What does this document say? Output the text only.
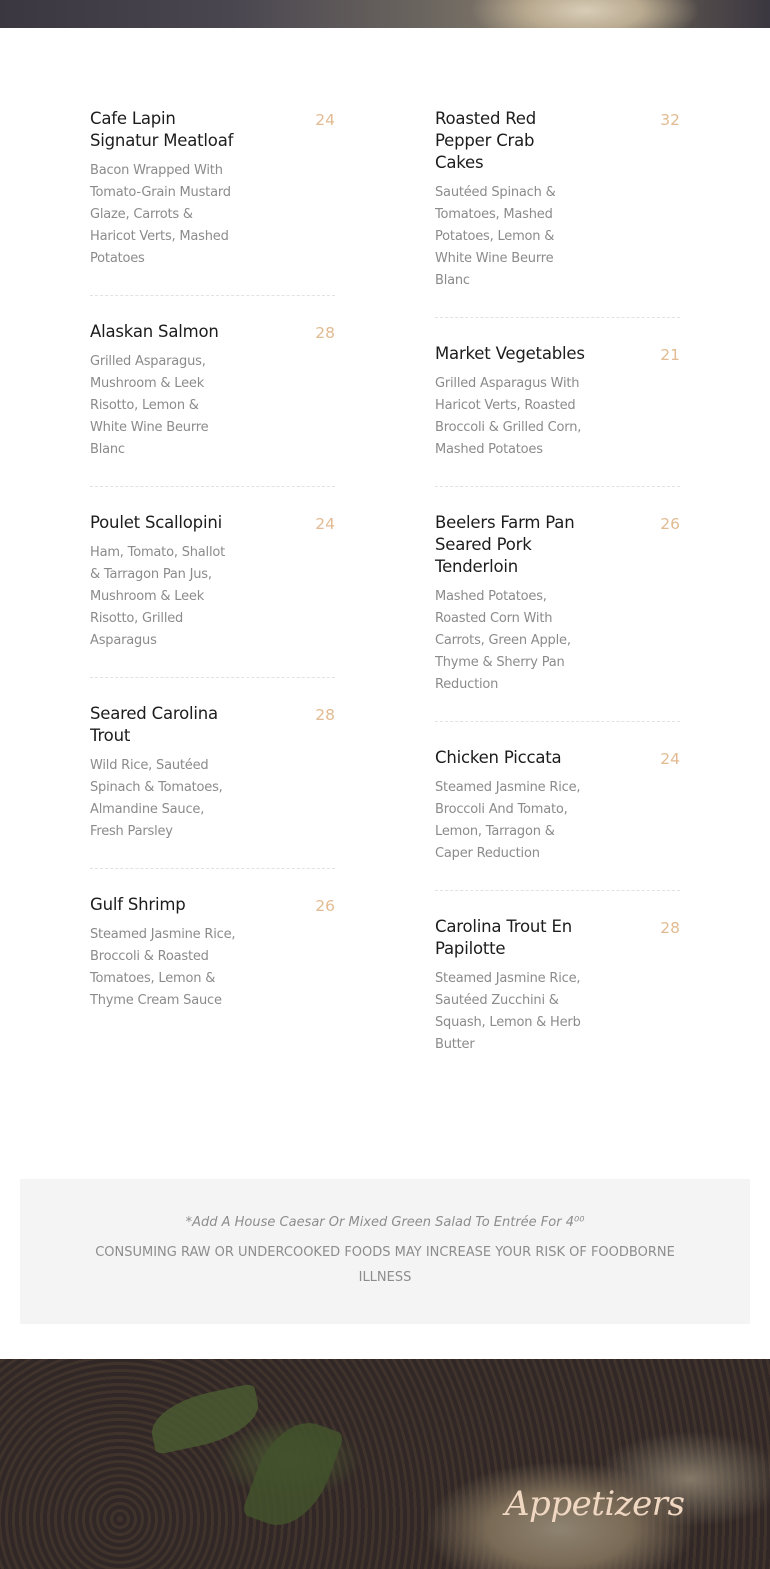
Cafe Lapin Signatur Meatloaf
24

Bacon Wrapped With Tomato-Grain Mustard Glaze, Carrots & Haricot Verts, Mashed Potatoes

Alaskan Salmon	28

Grilled Asparagus, Mushroom & Leek Risotto, Lemon & White Wine Beurre Blanc

Poulet Scallopini	24

Ham, Tomato, Shallot & Tarragon Pan Jus, Mushroom & Leek Risotto, Grilled Asparagus

Seared Carolina Trout
28

Wild Rice, Sautéed Spinach & Tomatoes, Almandine Sauce, Fresh Parsley

Gulf Shrimp	26

Steamed Jasmine Rice, Broccoli & Roasted Tomatoes, Lemon & Thyme Cream Sauce

Roasted Red Pepper Crab Cakes
32

Sautéed Spinach & Tomatoes, Mashed Potatoes, Lemon & White Wine Beurre Blanc

Market Vegetables	21

Grilled Asparagus With Haricot Verts, Roasted Broccoli & Grilled Corn, Mashed Potatoes

Beelers Farm Pan Seared Pork Tenderloin
26

Mashed Potatoes, Roasted Corn With Carrots, Green Apple, Thyme & Sherry Pan Reduction

Chicken Piccata	24

Steamed Jasmine Rice, Broccoli And Tomato, Lemon, Tarragon & Caper Reduction

Carolina Trout En Papilotte
28

Steamed Jasmine Rice, Sautéed Zucchini & Squash, Lemon & Herb Butter

*Add A House Caesar Or Mixed Green Salad To Entrée For 4⁰⁰
CONSUMING RAW OR UNDERCOOKED FOODS MAY INCREASE YOUR RISK OF FOODBORNE ILLNESS
Appetizers
